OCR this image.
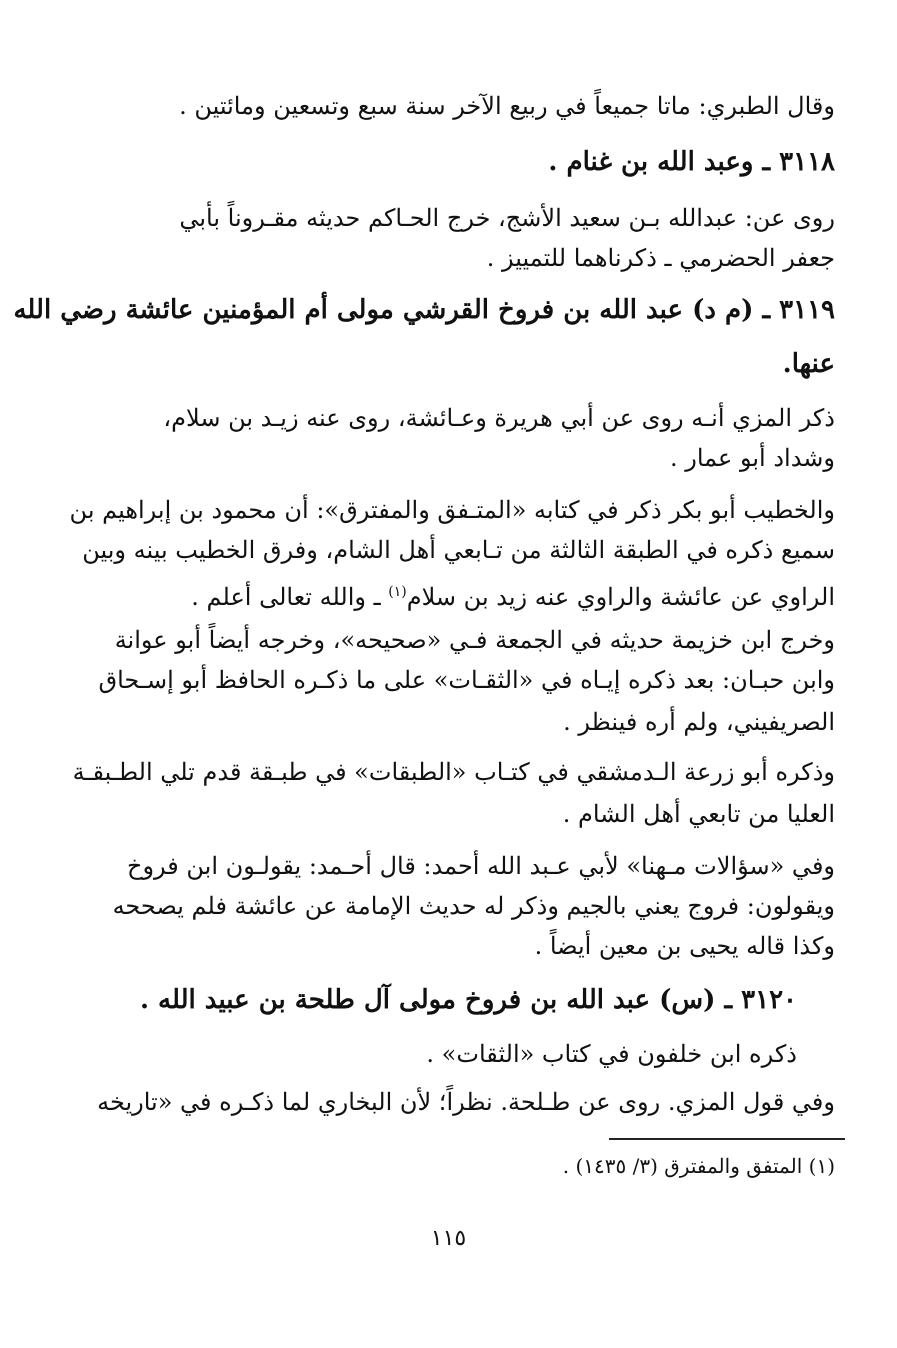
وقال الطبري: ماتا جميعاً في ربيع الآخر سنة سبع وتسعين ومائتين .
٣١١٨ ـ وعبد الله بن غنام .
روى عن: عبدالله بـن سعيد الأشج، خرج الحـاكم حديثه مقـروناً بأبي
جعفر الحضرمي ـ ذكرناهما للتمييز .
٣١١٩ ـ (م د) عبد الله بن فروخ القرشي مولى أم المؤمنين عائشة رضي الله
عنها.
ذكر المزي أنـه روى عن أبي هريرة وعـائشة، روى عنه زيـد بن سلام،
وشداد أبو عمار .
والخطيب أبو بكر ذكر في كتابه «المتـفق والمفترق»: أن محمود بن إبراهيم بن
سميع ذكره في الطبقة الثالثة من تـابعي أهل الشام، وفرق الخطيب بينه وبين
الراوي عن عائشة والراوي عنه زيد بن سلام$^{(١)}$ ـ والله تعالى أعلم .
وخرج ابن خزيمة حديثه في الجمعة فـي «صحيحه»، وخرجه أيضاً أبو عوانة
وابن حبـان: بعد ذكره إيـاه في «الثقـات» على ما ذكـره الحافظ أبو إسـحاق
الصريفيني، ولم أره فينظر .
وذكره أبو زرعة الـدمشقي في كتـاب «الطبقات» في طبـقة قدم تلي الطـبقـة
العليا من تابعي أهل الشام .
وفي «سؤالات مـهنا» لأبي عـبد الله أحمد: قال أحـمد: يقولـون ابن فروخ
ويقولون: فروج يعني بالجيم وذكر له حديث الإمامة عن عائشة فلم يصححه
وكذا قاله يحيى بن معين أيضاً .
٣١٢٠ ـ (س) عبد الله بن فروخ مولى آل طلحة بن عبيد الله .
ذكره ابن خلفون في كتاب «الثقات» .
وفي قول المزي. روى عن طـلحة. نظراً؛ لأن البخاري لما ذكـره في «تاريخه
(١) المتفق والمفترق (٣/ ١٤٣٥) .
١١٥
